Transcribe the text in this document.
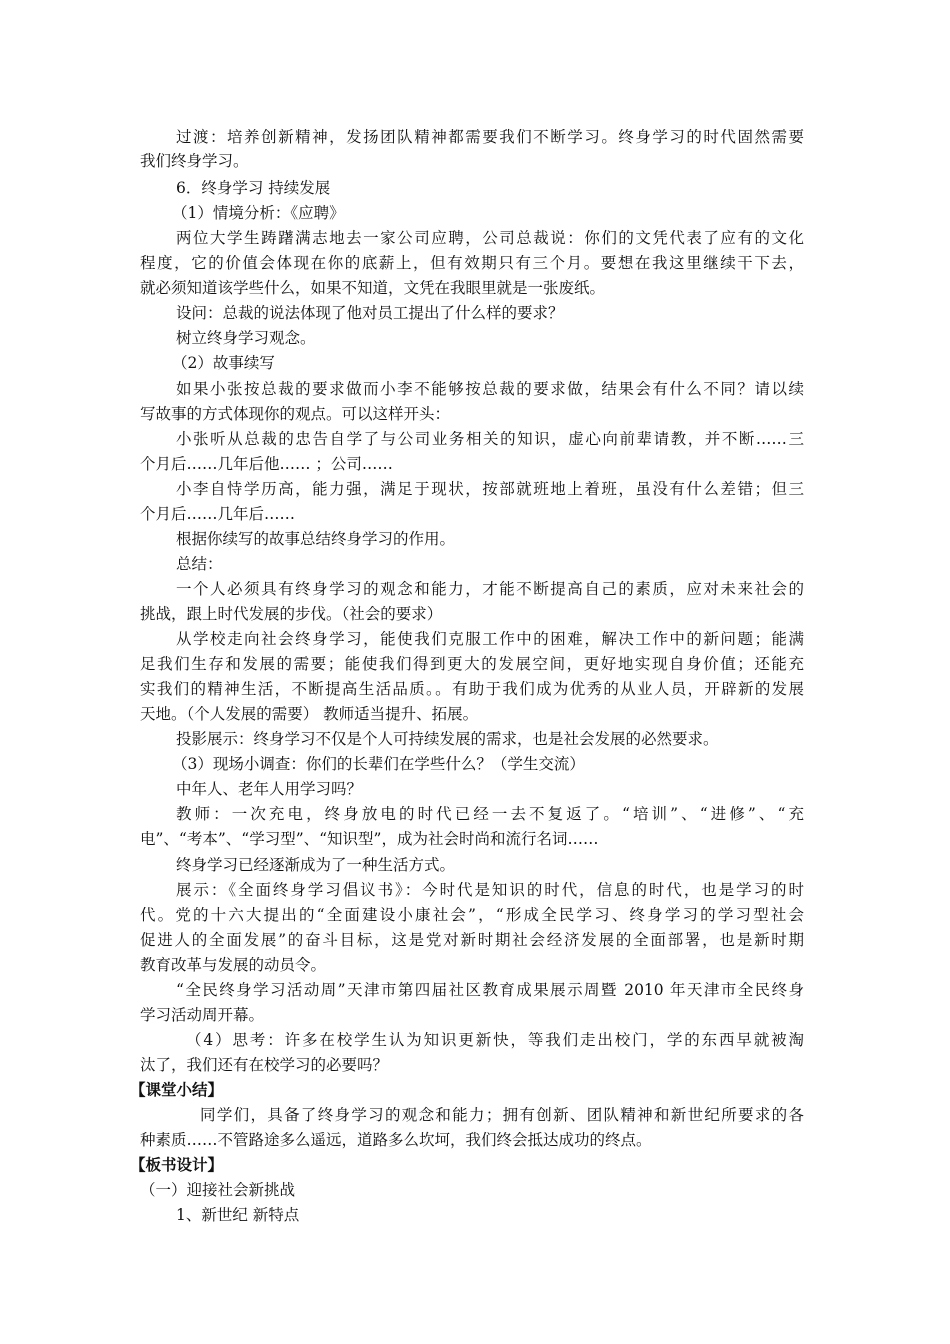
过渡：培养创新精神，发扬团队精神都需要我们不断学习。终身学习的时代固然需要
我们终身学习。
6．终身学习 持续发展
（1）情境分析：《应聘》
两位大学生踌躇满志地去一家公司应聘，公司总裁说：你们的文凭代表了应有的文化
程度，它的价值会体现在你的底薪上，但有效期只有三个月。要想在我这里继续干下去，
就必须知道该学些什么，如果不知道，文凭在我眼里就是一张废纸。
设问：总裁的说法体现了他对员工提出了什么样的要求？
树立终身学习观念。
（2）故事续写
如果小张按总裁的要求做而小李不能够按总裁的要求做，结果会有什么不同？请以续
写故事的方式体现你的观点。可以这样开头：
小张听从总裁的忠告自学了与公司业务相关的知识，虚心向前辈请教，并不断……三
个月后……几年后他…… ；公司……
小李自恃学历高，能力强，满足于现状，按部就班地上着班，虽没有什么差错；但三
个月后……几年后……
根据你续写的故事总结终身学习的作用。
总结：
一个人必须具有终身学习的观念和能力，才能不断提高自己的素质，应对未来社会的
挑战，跟上时代发展的步伐。（社会的要求）
从学校走向社会终身学习，能使我们克服工作中的困难，解决工作中的新问题；能满
足我们生存和发展的需要；能使我们得到更大的发展空间，更好地实现自身价值；还能充
实我们的精神生活，不断提高生活品质。。有助于我们成为优秀的从业人员，开辟新的发展
天地。（个人发展的需要） 教师适当提升、拓展。
投影展示：终身学习不仅是个人可持续发展的需求，也是社会发展的必然要求。
（3）现场小调查：你们的长辈们在学些什么？（学生交流）
中年人、老年人用学习吗？
教师：一次充电，终身放电的时代已经一去不复返了。“培训”、“进修”、“充
电”、“考本”、“学习型”、“知识型”，成为社会时尚和流行名词……
终身学习已经逐渐成为了一种生活方式。
展示：《全面终身学习倡议书》：今时代是知识的时代，信息的时代，也是学习的时
代。党的十六大提出的“全面建设小康社会”，“形成全民学习、终身学习的学习型社会
促进人的全面发展”的奋斗目标，这是党对新时期社会经济发展的全面部署，也是新时期
教育改革与发展的动员令。
“全民终身学习活动周”天津市第四届社区教育成果展示周暨 2010 年天津市全民终身
学习活动周开幕。
（4）思考：许多在校学生认为知识更新快，等我们走出校门，学的东西早就被淘
汰了，我们还有在校学习的必要吗？
【课堂小结】
同学们，具备了终身学习的观念和能力；拥有创新、团队精神和新世纪所要求的各
种素质……不管路途多么遥远，道路多么坎坷，我们终会抵达成功的终点。
【板书设计】
（一）迎接社会新挑战
1、新世纪 新特点
